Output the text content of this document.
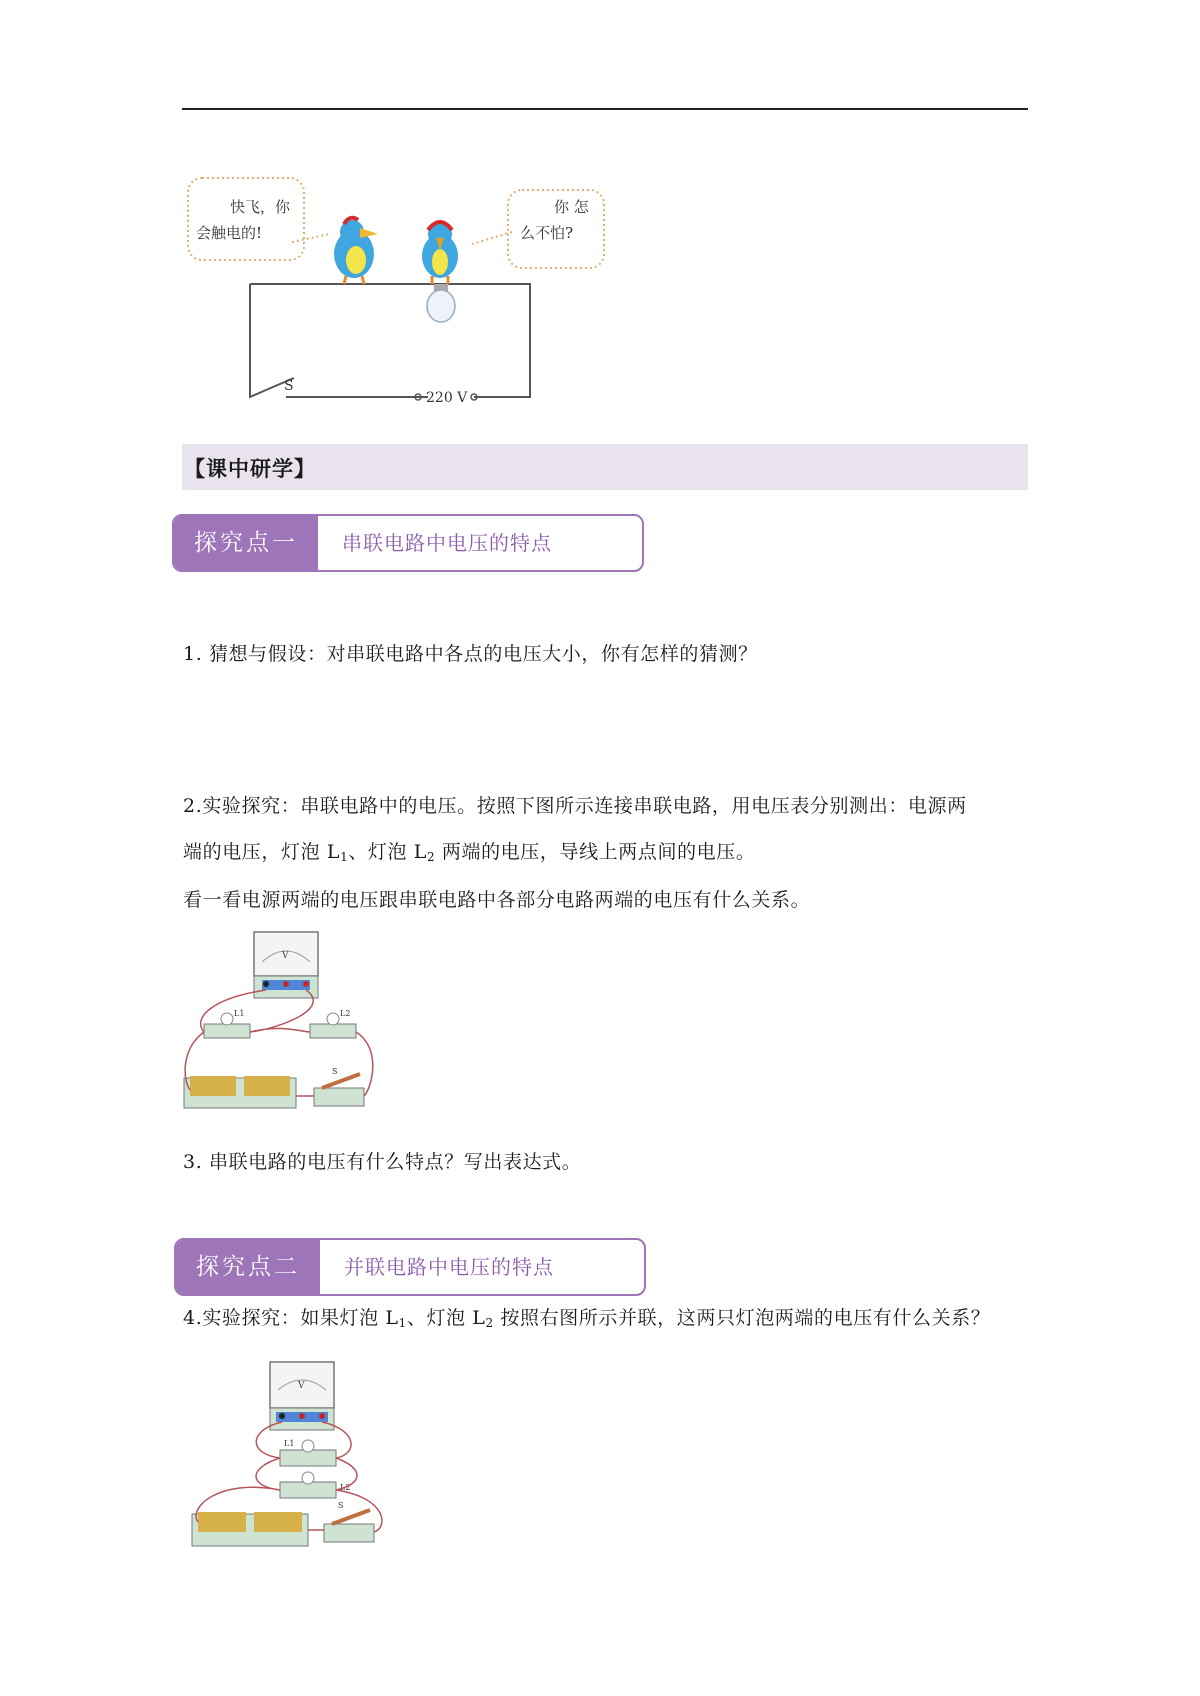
快飞，你
会触电的!
你 怎
么不怕?
S
220 V
【课中研学】
探究点一	串联电路中电压的特点
1. 猜想与假设：对串联电路中各点的电压大小，你有怎样的猜测？
2.实验探究：串联电路中的电压。按照下图所示连接串联电路，用电压表分别测出：电源两
端的电压，灯泡 $L_1$、灯泡 $L_2$ 两端的电压，导线上两点间的电压。
看一看电源两端的电压跟串联电路中各部分电路两端的电压有什么关系。
V
L1	L2
S
3. 串联电路的电压有什么特点？写出表达式。
探究点二	并联电路中电压的特点
4.实验探究：如果灯泡 $L_1$、灯泡 $L_2$ 按照右图所示并联，这两只灯泡两端的电压有什么关系？
V
L1
L2
S
